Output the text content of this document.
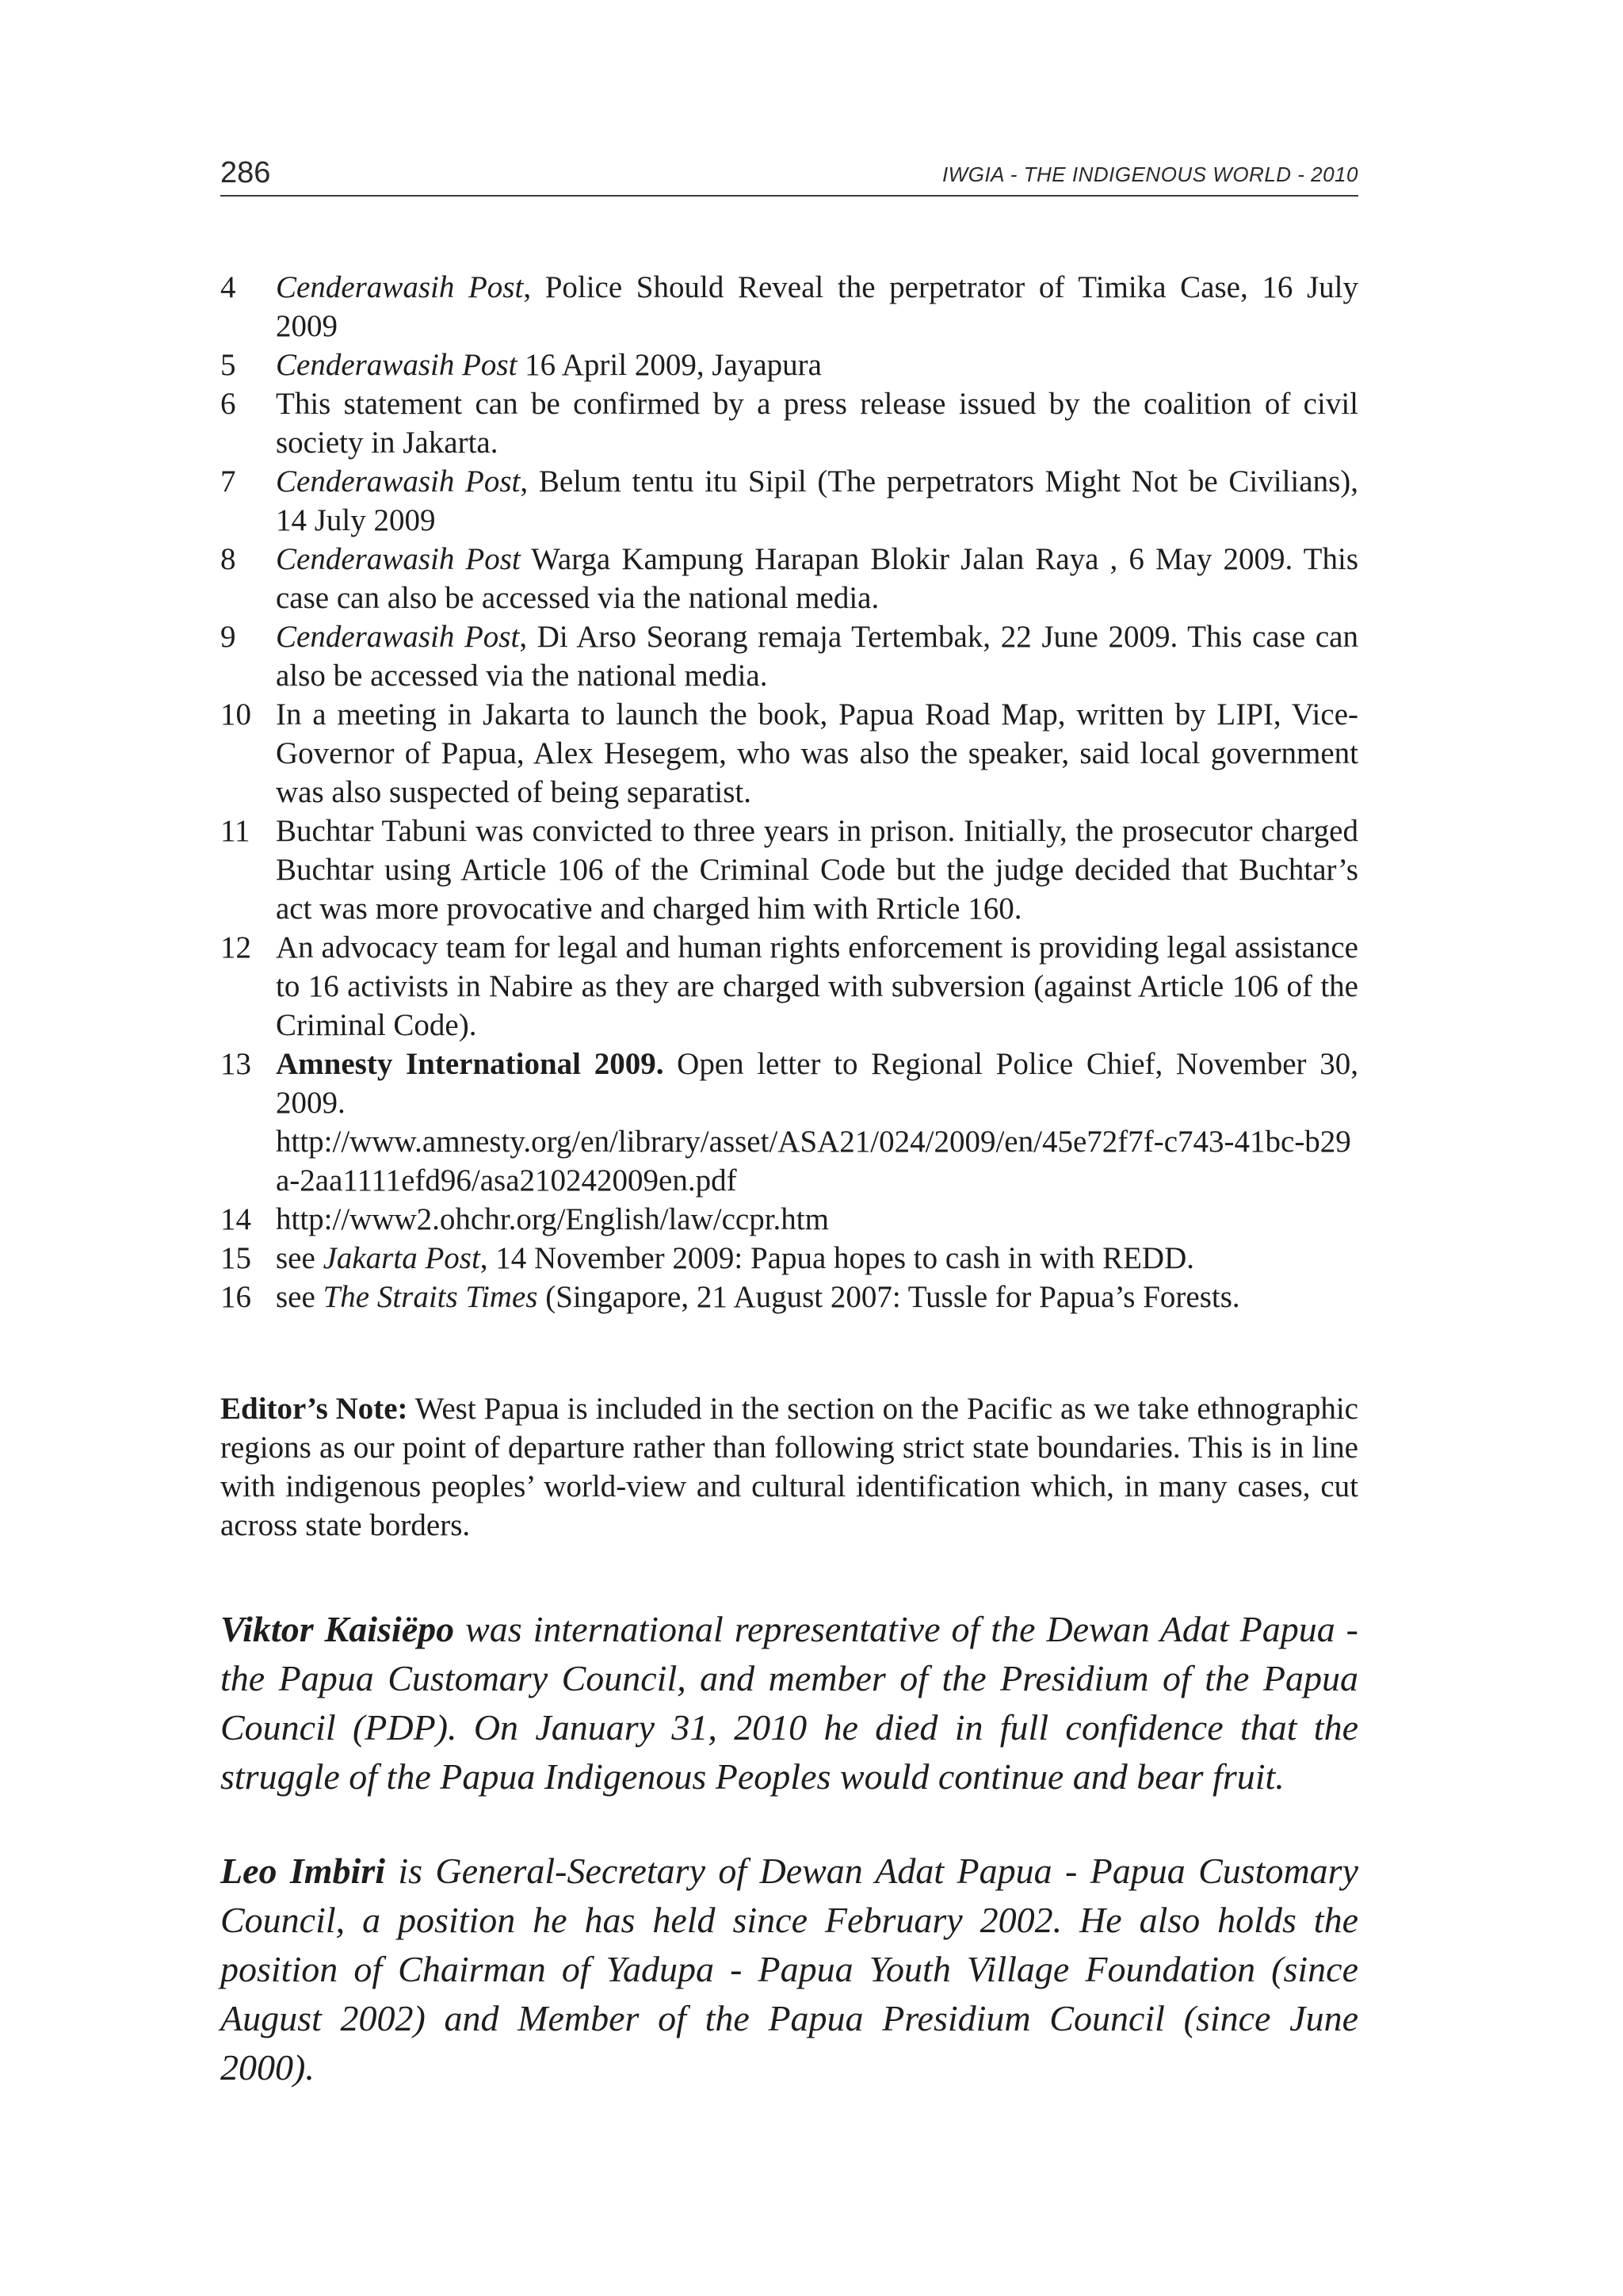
286	IWGIA - THE INDIGENOUS WORLD - 2010
4	Cenderawasih Post, Police Should Reveal the perpetrator of Timika Case, 16 July 2009
5	Cenderawasih Post 16 April 2009, Jayapura
6	This statement can be confirmed by a press release issued by the coalition of civil society in Jakarta.
7	Cenderawasih Post, Belum tentu itu Sipil (The perpetrators Might Not be Civilians), 14 July 2009
8	Cenderawasih Post Warga Kampung Harapan Blokir Jalan Raya , 6 May 2009. This case can also be accessed via the national media.
9	Cenderawasih Post, Di Arso Seorang remaja Tertembak, 22 June 2009. This case can also be accessed via the national media.
10 In a meeting in Jakarta to launch the book, Papua Road Map, written by LIPI, Vice-Governor of Papua, Alex Hesegem, who was also the speaker, said local government was also suspected of being separatist.
11 Buchtar Tabuni was convicted to three years in prison. Initially, the prosecutor charged Buchtar using Article 106 of the Criminal Code but the judge decided that Buchtar’s act was more provocative and charged him with Rrticle 160.
12 An advocacy team for legal and human rights enforcement is providing legal assistance to 16 activists in Nabire as they are charged with subversion (against Article 106 of the Criminal Code).
13 Amnesty International 2009. Open letter to Regional Police Chief, November 30, 2009.
http://www.amnesty.org/en/library/asset/ASA21/024/2009/en/45e72f7f-c743-41bc-b29a-2aa1111efd96/asa210242009en.pdf
14 http://www2.ohchr.org/English/law/ccpr.htm
15 see Jakarta Post, 14 November 2009: Papua hopes to cash in with REDD.
16 see The Straits Times (Singapore, 21 August 2007: Tussle for Papua’s Forests.

Editor’s Note: West Papua is included in the section on the Pacific as we take ethnographic regions as our point of departure rather than following strict state boundaries. This is in line with indigenous peoples’ world-view and cultural identification which, in many cases, cut across state borders.

Viktor Kaisiëpo was international representative of the Dewan Adat Papua - the Papua Customary Council, and member of the Presidium of the Papua Council (PDP). On January 31, 2010 he died in full confidence that the struggle of the Papua Indigenous Peoples would continue and bear fruit.

Leo Imbiri is General-Secretary of Dewan Adat Papua - Papua Customary Council, a position he has held since February 2002. He also holds the position of Chairman of Yadupa - Papua Youth Village Foundation (since August 2002) and Member of the Papua Presidium Council (since June 2000).
